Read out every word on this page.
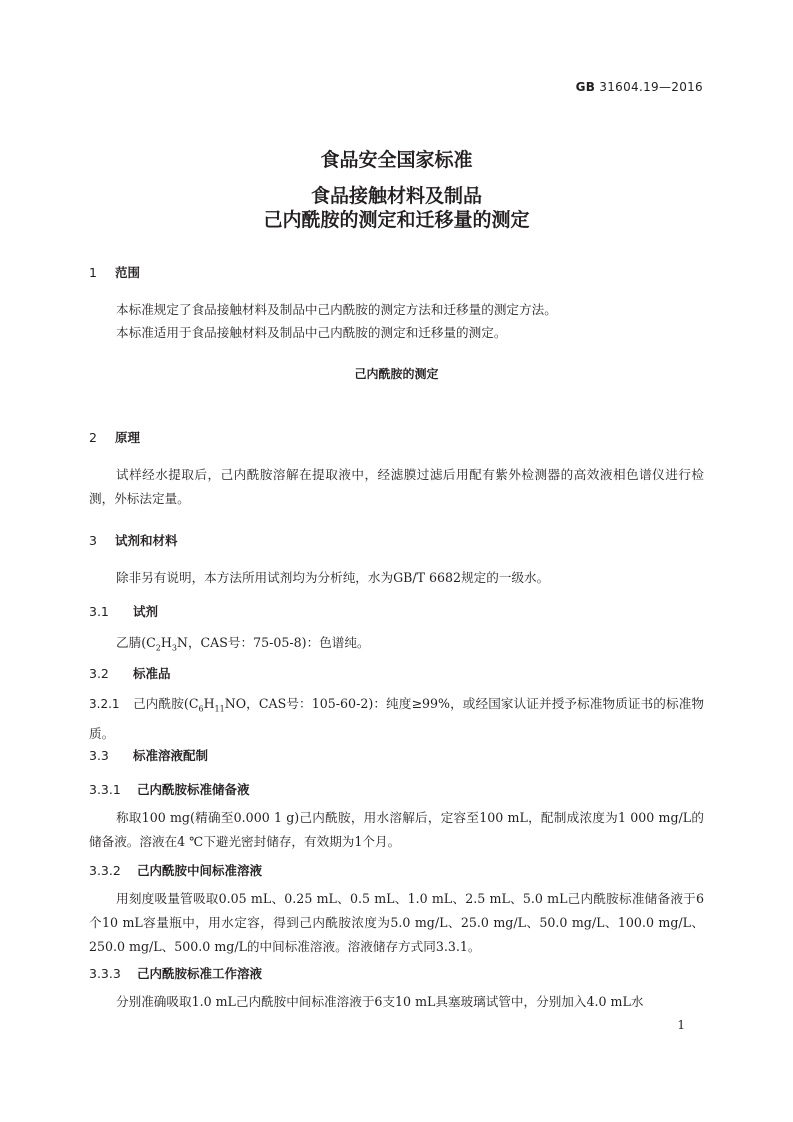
GB 31604.19—2016
食品安全国家标准
食品接触材料及制品
己内酰胺的测定和迁移量的测定
1 范围
本标准规定了食品接触材料及制品中己内酰胺的测定方法和迁移量的测定方法。
本标准适用于食品接触材料及制品中己内酰胺的测定和迁移量的测定。
己内酰胺的测定
2 原理
试样经水提取后，己内酰胺溶解在提取液中，经滤膜过滤后用配有紫外检测器的高效液相色谱仪进行检测，外标法定量。
3 试剂和材料
除非另有说明，本方法所用试剂均为分析纯，水为GB/T 6682规定的一级水。
3.1 试剂
乙腈($C_2H_3N$，CAS号：75-05-8)：色谱纯。
3.2 标准品
3.2.1 己内酰胺($C_6H_{11}NO$，CAS号：105-60-2)：纯度≥99%，或经国家认证并授予标准物质证书的标准物质。
3.3 标准溶液配制
3.3.1 己内酰胺标准储备液
称取100 mg(精确至0.000 1 g)己内酰胺，用水溶解后，定容至100 mL，配制成浓度为1 000 mg/L的储备液。溶液在4 ℃下避光密封储存，有效期为1个月。
3.3.2 己内酰胺中间标准溶液
用刻度吸量管吸取0.05 mL、0.25 mL、0.5 mL、1.0 mL、2.5 mL、5.0 mL己内酰胺标准储备液于6个10 mL容量瓶中，用水定容，得到己内酰胺浓度为5.0 mg/L、25.0 mg/L、50.0 mg/L、100.0 mg/L、250.0 mg/L、500.0 mg/L的中间标准溶液。溶液储存方式同3.3.1。
3.3.3 己内酰胺标准工作溶液
分别准确吸取1.0 mL己内酰胺中间标准溶液于6支10 mL具塞玻璃试管中，分别加入4.0 mL水
1
